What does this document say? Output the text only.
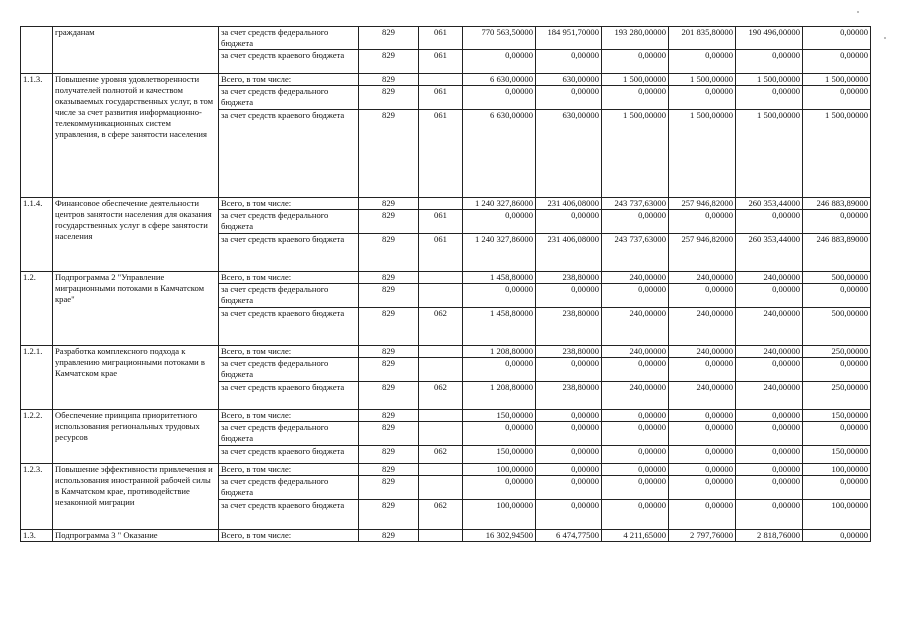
	гражданам	за счет средств федерального бюджета	829	061	770 563,50000	184 951,70000	193 280,00000	201 835,80000	190 496,00000	0,00000
		за счет средств краевого бюджета	829	061	0,00000	0,00000	0,00000	0,00000	0,00000	0,00000
1.1.3.	Повышение уровня удовлетворенности получателей полнотой и качеством оказываемых государственных услуг, в том числе за счет развития информационно-телекоммуникационных систем управления, в сфере занятости населения	Всего, в том числе:	829		6 630,00000	630,00000	1 500,00000	1 500,00000	1 500,00000	1 500,00000
		за счет средств федерального бюджета	829	061	0,00000	0,00000	0,00000	0,00000	0,00000	0,00000
		за счет средств краевого бюджета	829	061	6 630,00000	630,00000	1 500,00000	1 500,00000	1 500,00000	1 500,00000
1.1.4.	Финансовое обеспечение деятельности центров занятости населения для оказания государственных услуг в сфере занятости населения	Всего, в том числе:	829		1 240 327,86000	231 406,08000	243 737,63000	257 946,82000	260 353,44000	246 883,89000
		за счет средств федерального бюджета	829	061	0,00000	0,00000	0,00000	0,00000	0,00000	0,00000
		за счет средств краевого бюджета	829	061	1 240 327,86000	231 406,08000	243 737,63000	257 946,82000	260 353,44000	246 883,89000
1.2.	Подпрограмма 2 "Управление миграционными потоками в Камчатском крае"	Всего, в том числе:	829		1 458,80000	238,80000	240,00000	240,00000	240,00000	500,00000
		за счет средств федерального бюджета	829		0,00000	0,00000	0,00000	0,00000	0,00000	0,00000
		за счет средств краевого бюджета	829	062	1 458,80000	238,80000	240,00000	240,00000	240,00000	500,00000
1.2.1.	Разработка комплексного подхода к управлению миграционными потоками в Камчатском крае	Всего, в том числе:	829		1 208,80000	238,80000	240,00000	240,00000	240,00000	250,00000
		за счет средств федерального бюджета	829		0,00000	0,00000	0,00000	0,00000	0,00000	0,00000
		за счет средств краевого бюджета	829	062	1 208,80000	238,80000	240,00000	240,00000	240,00000	250,00000
1.2.2.	Обеспечение принципа приоритетного использования региональных трудовых ресурсов	Всего, в том числе:	829		150,00000	0,00000	0,00000	0,00000	0,00000	150,00000
		за счет средств федерального бюджета	829		0,00000	0,00000	0,00000	0,00000	0,00000	0,00000
		за счет средств краевого бюджета	829	062	150,00000	0,00000	0,00000	0,00000	0,00000	150,00000
1.2.3.	Повышение эффективности привлечения и использования иностранной рабочей силы в Камчатском крае, противодействие незаконной миграции	Всего, в том числе:	829		100,00000	0,00000	0,00000	0,00000	0,00000	100,00000
		за счет средств федерального бюджета	829		0,00000	0,00000	0,00000	0,00000	0,00000	0,00000
		за счет средств краевого бюджета	829	062	100,00000	0,00000	0,00000	0,00000	0,00000	100,00000
1.3.	Подпрограмма 3 " Оказание	Всего, в том числе:	829		16 302,94500	6 474,77500	4 211,65000	2 797,76000	2 818,76000	0,00000
